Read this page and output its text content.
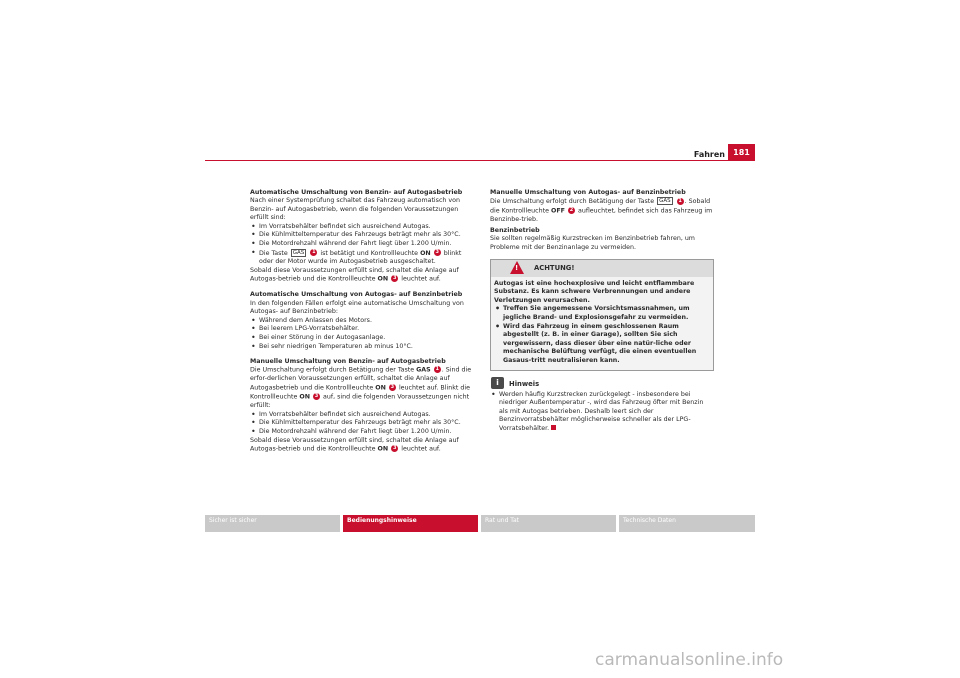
Fahren	181
Automatische Umschaltung von Benzin- auf Autogasbetrieb

Nach einer Systemprüfung schaltet das Fahrzeug automatisch von Benzin- auf Autogasbetrieb, wenn die folgenden Voraussetzungen erfüllt sind:

• Im Vorratsbehälter befindet sich ausreichend Autogas.

• Die Kühlmitteltemperatur des Fahrzeugs beträgt mehr als 30°C.

• Die Motordrehzahl während der Fahrt liegt über 1.200 U/min.

• Die Taste GAS 1 ist betätigt und Kontrollleuchte ON 3 blinkt oder der Motor wurde im Autogasbetrieb ausgeschaltet.

Sobald diese Voraussetzungen erfüllt sind, schaltet die Anlage auf Autogas-betrieb und die Kontrollleuchte ON 3 leuchtet auf.

Automatische Umschaltung von Autogas- auf Benzinbetrieb

In den folgenden Fällen erfolgt eine automatische Umschaltung von Autogas- auf Benzinbetrieb:

• Während dem Anlassen des Motors.

• Bei leerem LPG-Vorratsbehälter.

• Bei einer Störung in der Autogasanlage.

• Bei sehr niedrigen Temperaturen ab minus 10°C.

Manuelle Umschaltung von Benzin- auf Autogasbetrieb

Die Umschaltung erfolgt durch Betätigung der Taste GAS 1 . Sind die erfor-derlichen Voraussetzungen erfüllt, schaltet die Anlage auf Autogasbetrieb und die Kontrollleuchte ON 3 leuchtet auf. Blinkt die Kontrollleuchte ON 3 auf, sind die folgenden Voraussetzungen nicht erfüllt:

• Im Vorratsbehälter befindet sich ausreichend Autogas.

• Die Kühlmitteltemperatur des Fahrzeugs beträgt mehr als 30°C.

• Die Motordrehzahl während der Fahrt liegt über 1.200 U/min.

Sobald diese Voraussetzungen erfüllt sind, schaltet die Anlage auf Autogas-betrieb und die Kontrollleuchte ON 3 leuchtet auf.

Manuelle Umschaltung von Autogas- auf Benzinbetrieb

Die Umschaltung erfolgt durch Betätigung der Taste GAS 1 . Sobald die Kontrollleuchte OFF 2 aufleuchtet, befindet sich das Fahrzeug im Benzinbe-trieb.

Benzinbetrieb

Sie sollten regelmäßig Kurzstrecken im Benzinbetrieb fahren, um Probleme mit der Benzinanlage zu vermeiden.

! ACHTUNG!

Autogas ist eine hochexplosive und leicht entflammbare Substanz. Es kann schwere Verbrennungen und andere Verletzungen verursachen.

• Treffen Sie angemessene Vorsichtsmassnahmen, um jegliche Brand- und Explosionsgefahr zu vermeiden.

• Wird das Fahrzeug in einem geschlossenen Raum abgestellt (z. B. in einer Garage), sollten Sie sich vergewissern, dass dieser über eine natür-liche oder mechanische Belüftung verfügt, die einen eventuellen Gasaus-tritt neutralisieren kann.

i	Hinweis

• Werden häufig Kurzstrecken zurückgelegt - insbesondere bei niedriger Außentemperatur -, wird das Fahrzeug öfter mit Benzin als mit Autogas betrieben. Deshalb leert sich der Benzinvorratsbehälter möglicherweise schneller als der LPG-Vorratsbehälter.

Sicher ist sicher	Bedienungshinweise	Rat und Tat	Technische Daten
carmanualsonline.info
